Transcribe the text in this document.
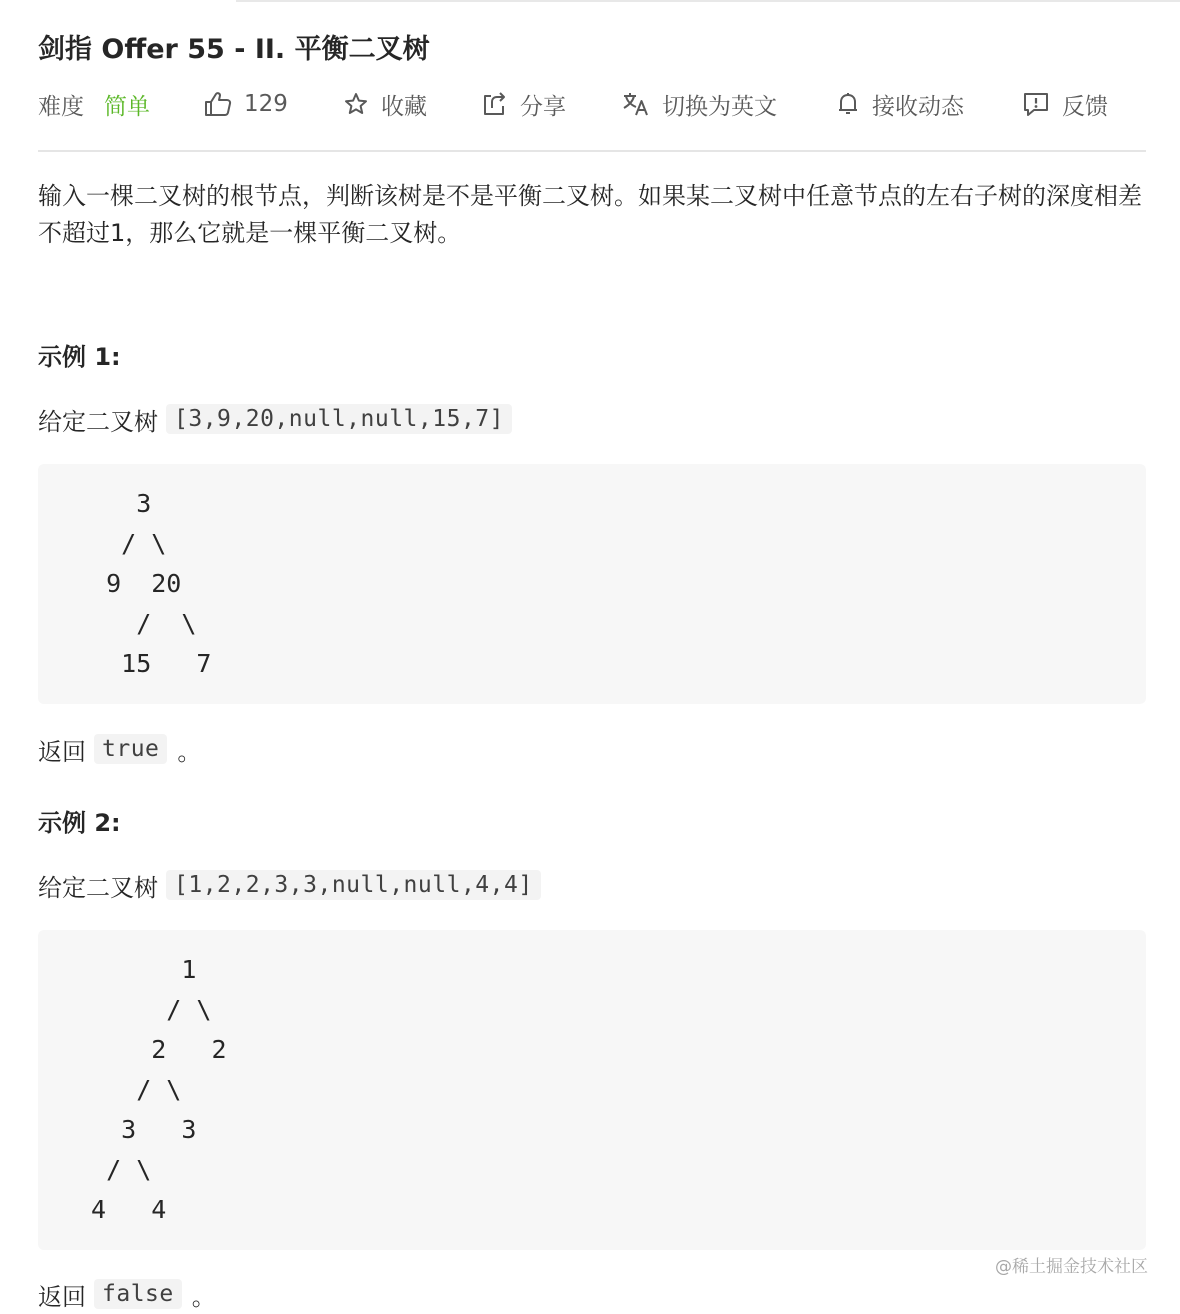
剑指 Offer 55 - II. 平衡二叉树
难度 简单	129	收藏	分享	切换为英文	接收动态	反馈

输入一棵二叉树的根节点，判断该树是不是平衡二叉树。如果某二叉树中任意节点的左右子树的深度相差不超过1，那么它就是一棵平衡二叉树。

示例 1:
给定二叉树 [3,9,20,null,null,15,7]
3
/ \
9  20
/  \
15   7
返回 true 。
示例 2:
给定二叉树 [1,2,2,3,3,null,null,4,4]
1
/ \
2   2
/ \
3   3
/ \
4   4
返回 false 。
@稀土掘金技术社区
